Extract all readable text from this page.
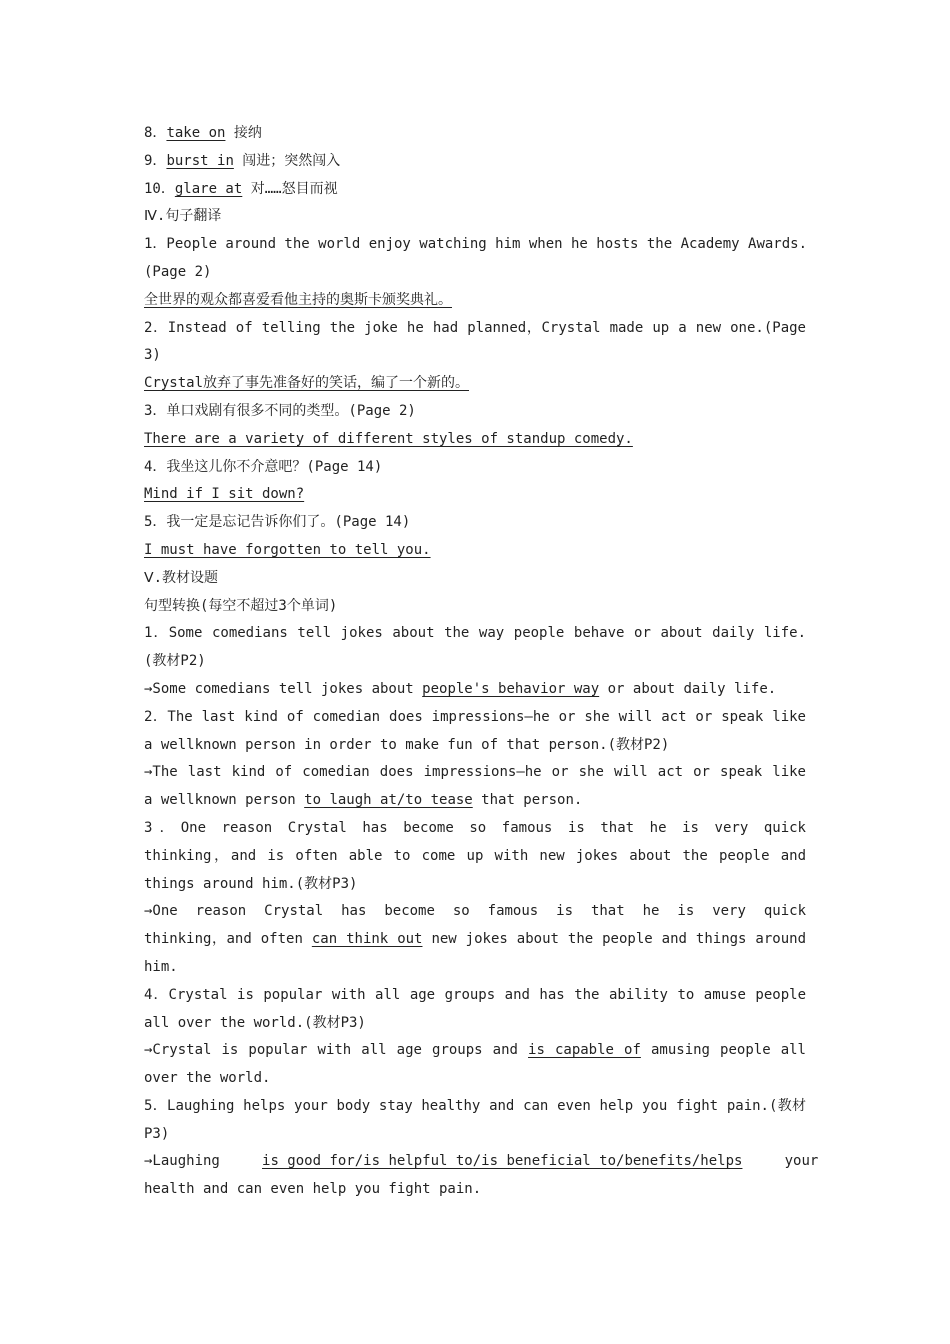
8．take on 接纳
9．burst in 闯进；突然闯入
10．glare at 对……怒目而视
Ⅳ.句子翻译
1．People around the world enjoy watching him when he hosts the Academy Awards.
(Page 2)
全世界的观众都喜爱看他主持的奥斯卡颁奖典礼。
2．Instead of telling the joke he had planned，Crystal made up a new one.(Page
3)
Crystal放弃了事先准备好的笑话，编了一个新的。
3．单口戏剧有很多不同的类型。(Page 2)
There are a variety of different styles of standup comedy.
4．我坐这儿你不介意吧？(Page 14)
Mind if I sit down?
5．我一定是忘记告诉你们了。(Page 14)
I must have forgotten to tell you.
Ⅴ.教材设题
句型转换(每空不超过3个单词)
1．Some comedians tell jokes about the way people behave or about daily life.
(教材P2)
→Some comedians tell jokes about people's behavior way or about daily life.
2．The last kind of comedian does impressions—he or she will act or speak like
a wellknown person in order to make fun of that person.(教材P2)
→The last kind of comedian does impressions—he or she will act or speak like
a wellknown person to laugh at/to tease that person.
3．One reason Crystal has become so famous is that he is very quick
thinking，and is often able to come up with new jokes about the people and
things around him.(教材P3)
→One reason Crystal has become so famous is that he is very quick
thinking，and often can think out new jokes about the people and things around
him.
4．Crystal is popular with all age groups and has the ability to amuse people
all over the world.(教材P3)
→Crystal is popular with all age groups and is capable of amusing people all
over the world.
5．Laughing helps your body stay healthy and can even help you fight pain.(教材
P3)
→Laughing     is good for/is helpful to/is beneficial to/benefits/helps     your
health and can even help you fight pain.
